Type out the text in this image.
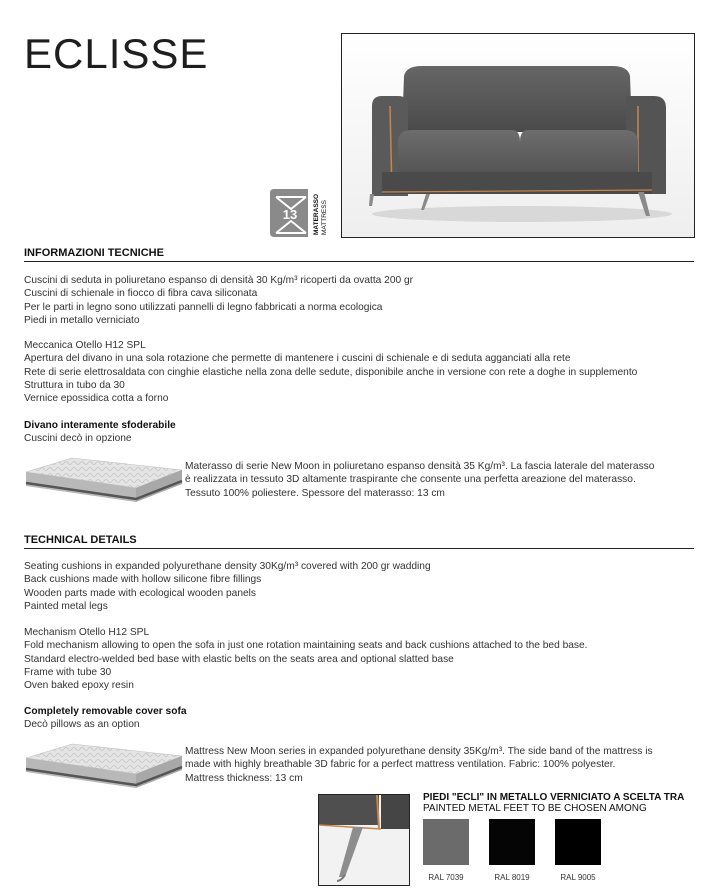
ECLISSE
13 MATERASSO MATTRESS
INFORMAZIONI TECNICHE
Cuscini di seduta in poliuretano espanso di densità 30 Kg/m³ ricoperti da ovatta 200 gr
Cuscini di schienale in fiocco di fibra cava siliconata
Per le parti in legno sono utilizzati pannelli di legno fabbricati a norma ecologica
Piedi in metallo verniciato
Meccanica Otello H12 SPL
Apertura del divano in una sola rotazione che permette di mantenere i cuscini di schienale e di seduta agganciati alla rete
Rete di serie elettrosaldata con cinghie elastiche nella zona delle sedute, disponibile anche in versione con rete a doghe in supplemento
Struttura in tubo da 30
Vernice epossidica cotta a forno
Divano interamente sfoderabile
Cuscini decò in opzione
Materasso di serie New Moon in poliuretano espanso densità 35 Kg/m³. La fascia laterale del materasso
è realizzata in tessuto 3D altamente traspirante che consente una perfetta areazione del materasso.
Tessuto 100% poliestere. Spessore del materasso: 13 cm
TECHNICAL DETAILS
Seating cushions in expanded polyurethane density 30Kg/m³ covered with 200 gr wadding
Back cushions made with hollow silicone fibre fillings
Wooden parts made with ecological wooden panels
Painted metal legs
Mechanism Otello H12 SPL
Fold mechanism allowing to open the sofa in just one rotation maintaining seats and back cushions attached to the bed base.
Standard electro-welded bed base with elastic belts on the seats area and optional slatted base
Frame with tube 30
Oven baked epoxy resin
Completely removable cover sofa
Decò pillows as an option
Mattress New Moon series in expanded polyurethane density 35Kg/m³. The side band of the mattress is
made with highly breathable 3D fabric for a perfect mattress ventilation. Fabric: 100% polyester.
Mattress thickness: 13 cm
PIEDI "ECLI" IN METALLO VERNICIATO A SCELTA TRA
PAINTED METAL FEET TO BE CHOSEN AMONG
RAL 7039	RAL 8019	RAL 9005
